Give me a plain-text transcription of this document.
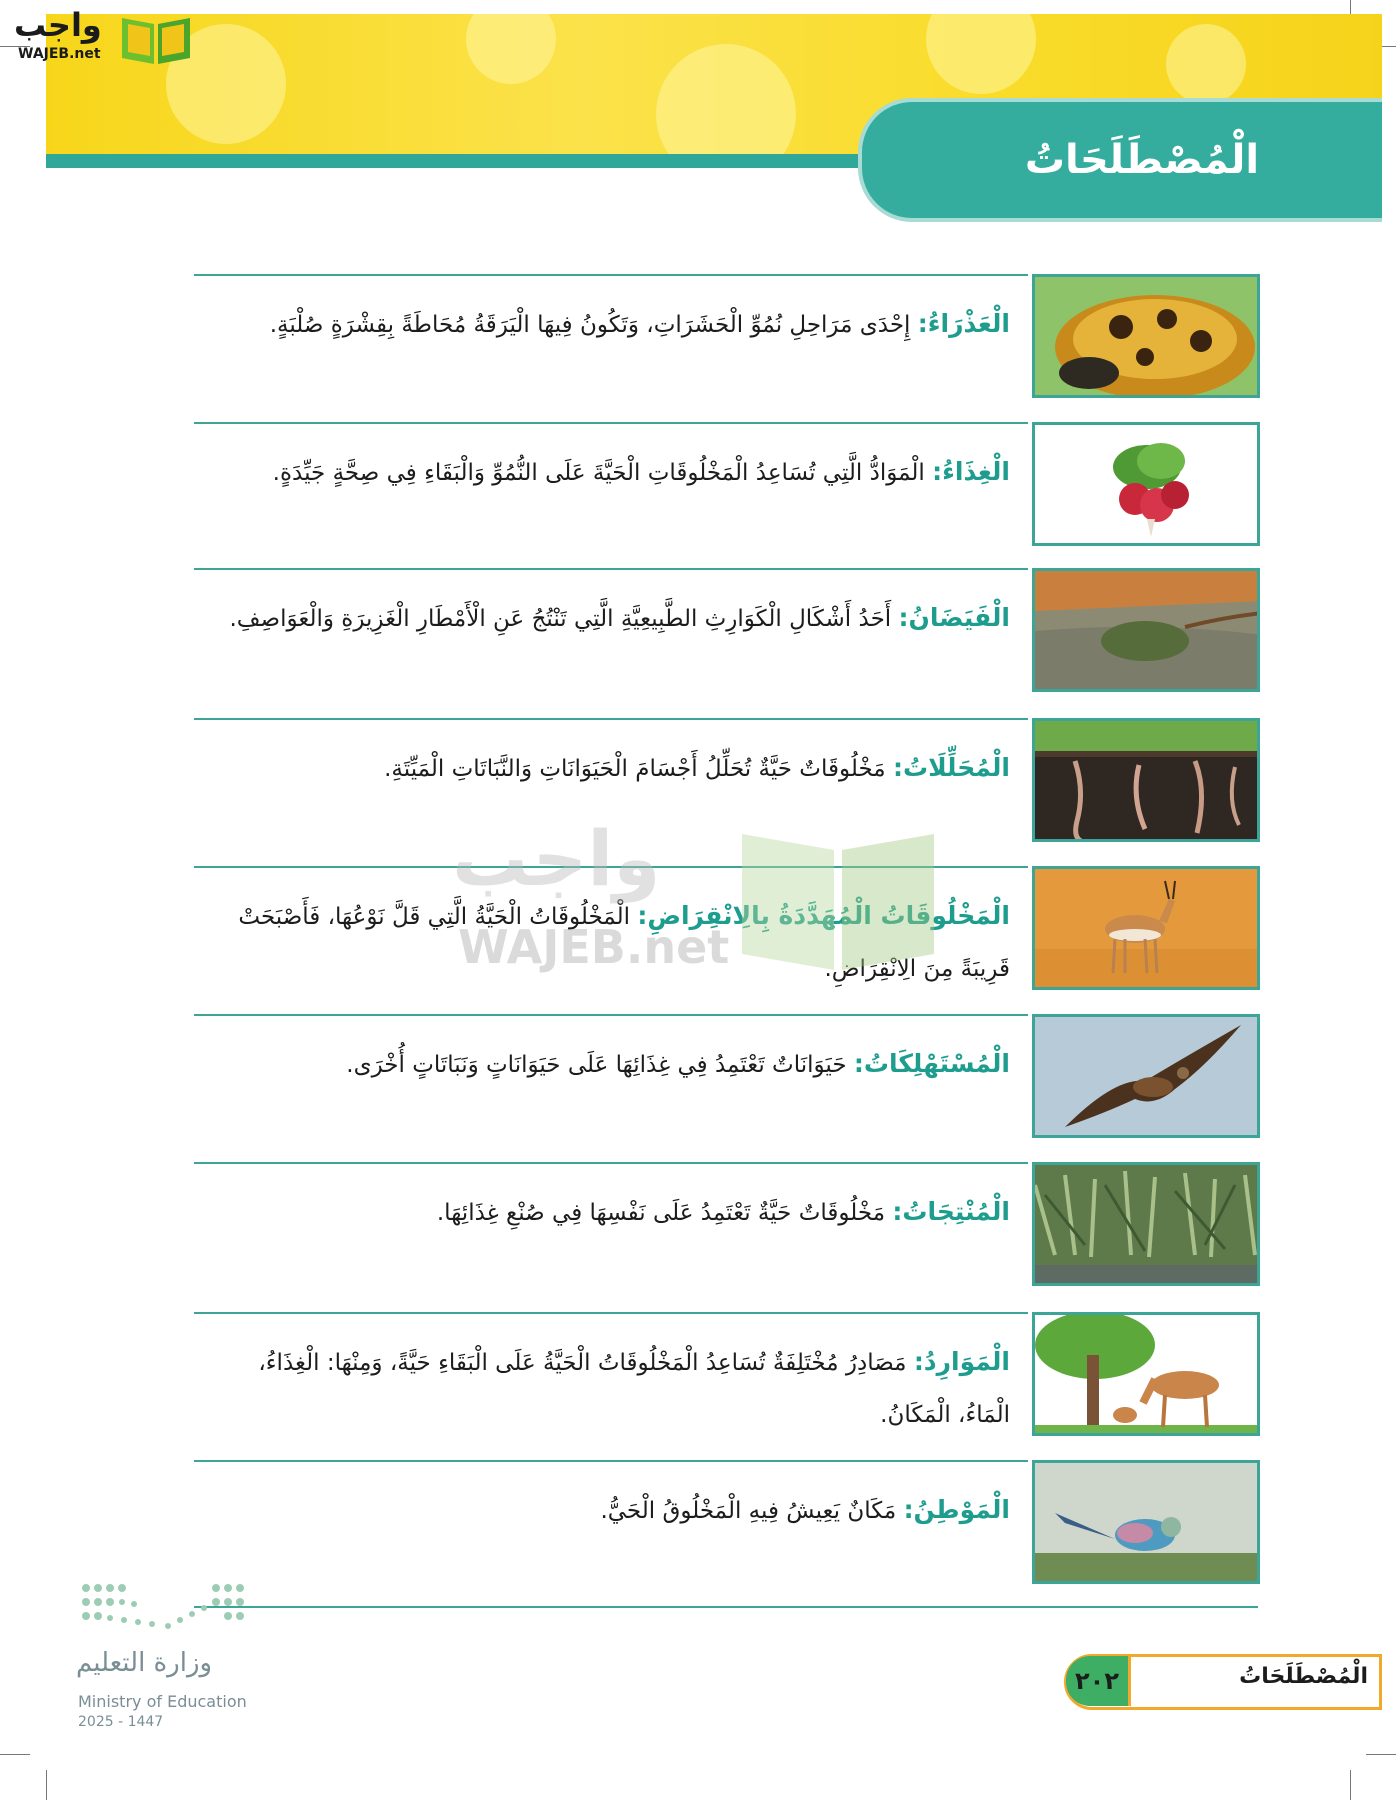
الْمُصْطَلَحَاتُ
واجب
WAJEB.net
الْعَذْرَاءُ: إِحْدَى مَرَاحِلِ نُمُوِّ الْحَشَرَاتِ، وَتَكُونُ فِيهَا الْيَرَقَةُ مُحَاطَةً بِقِشْرَةٍ صُلْبَةٍ.
الْغِذَاءُ: الْمَوَادُّ الَّتِي تُسَاعِدُ الْمَخْلُوقَاتِ الْحَيَّةَ عَلَى النُّمُوِّ وَالْبَقَاءِ فِي صِحَّةٍ جَيِّدَةٍ.
الْفَيَضَانُ: أَحَدُ أَشْكَالِ الْكَوَارِثِ الطَّبِيعِيَّةِ الَّتِي تَنْتُجُ عَنِ الْأَمْطَارِ الْغَزِيرَةِ وَالْعَوَاصِفِ.
الْمُحَلِّلَاتُ: مَخْلُوقَاتٌ حَيَّةٌ تُحَلِّلُ أَجْسَامَ الْحَيَوَانَاتِ وَالنَّبَاتَاتِ الْمَيِّتَةِ.
الْمَخْلُوقَاتُ الْمُهَدَّدَةُ بِالِانْقِرَاضِ: الْمَخْلُوقَاتُ الْحَيَّةُ الَّتِي قَلَّ نَوْعُهَا، فَأَصْبَحَتْ قَرِيبَةً مِنَ الِانْقِرَاضِ.
الْمُسْتَهْلِكَاتُ: حَيَوَانَاتٌ تَعْتَمِدُ فِي غِذَائِهَا عَلَى حَيَوَانَاتٍ وَنَبَاتَاتٍ أُخْرَى.
الْمُنْتِجَاتُ: مَخْلُوقَاتٌ حَيَّةٌ تَعْتَمِدُ عَلَى نَفْسِهَا فِي صُنْعِ غِذَائِهَا.
الْمَوَارِدُ: مَصَادِرُ مُخْتَلِفَةٌ تُسَاعِدُ الْمَخْلُوقَاتُ الْحَيَّةُ عَلَى الْبَقَاءِ حَيَّةً، وَمِنْهَا: الْغِذَاءُ، الْمَاءُ، الْمَكَانُ.
الْمَوْطِنُ: مَكَانٌ يَعِيشُ فِيهِ الْمَخْلُوقُ الْحَيُّ.
واجب
WAJEB.net
٢٠٢	الْمُصْطَلَحَاتُ
وزارة التعليم
Ministry of Education
2025 - 1447
